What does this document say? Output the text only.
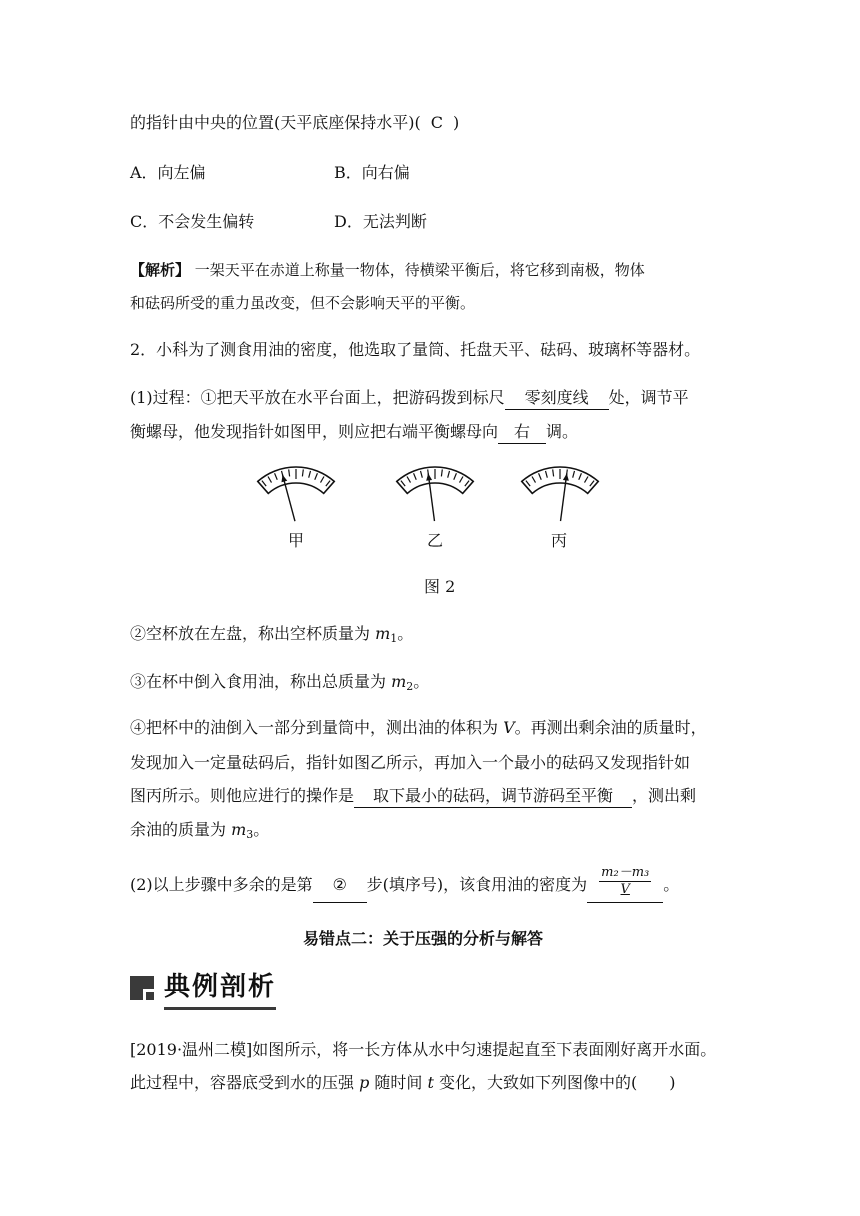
的指针由中央的位置(天平底座保持水平)( C )
A．向左偏	B．向右偏
C．不会发生偏转	D．无法判断
【解析】 一架天平在赤道上称量一物体，待横梁平衡后，将它移到南极，物体
和砝码所受的重力虽改变，但不会影响天平的平衡。
2．小科为了测食用油的密度，他选取了量筒、托盘天平、砝码、玻璃杯等器材。
(1)过程：①把天平放在水平台面上，把游码拨到标尺 零刻度线 处，调节平
衡螺母，他发现指针如图甲，则应把右端平衡螺母向 右 调。
甲	乙	丙
图 2
②空杯放在左盘，称出空杯质量为 $m_1$。
③在杯中倒入食用油，称出总质量为 $m_2$。
④把杯中的油倒入一部分到量筒中，测出油的体积为 V。再测出剩余油的质量时，
发现加入一定量砝码后，指针如图乙所示，再加入一个最小的砝码又发现指针如
图丙所示。则他应进行的操作是 取下最小的砝码，调节游码至平衡 ，测出剩
余油的质量为 $m_3$。
(2)以上步骤中多余的是第 ② 步(填序号)，该食用油的密度为 $\frac{\text{m₂－m₃}}{V}$ 。
易错点二：关于压强的分析与解答
典例剖析
[2019·温州二模]如图所示，将一长方体从水中匀速提起直至下表面刚好离开水面。
此过程中，容器底受到水的压强 p 随时间 t 变化，大致如下列图像中的(　　)
